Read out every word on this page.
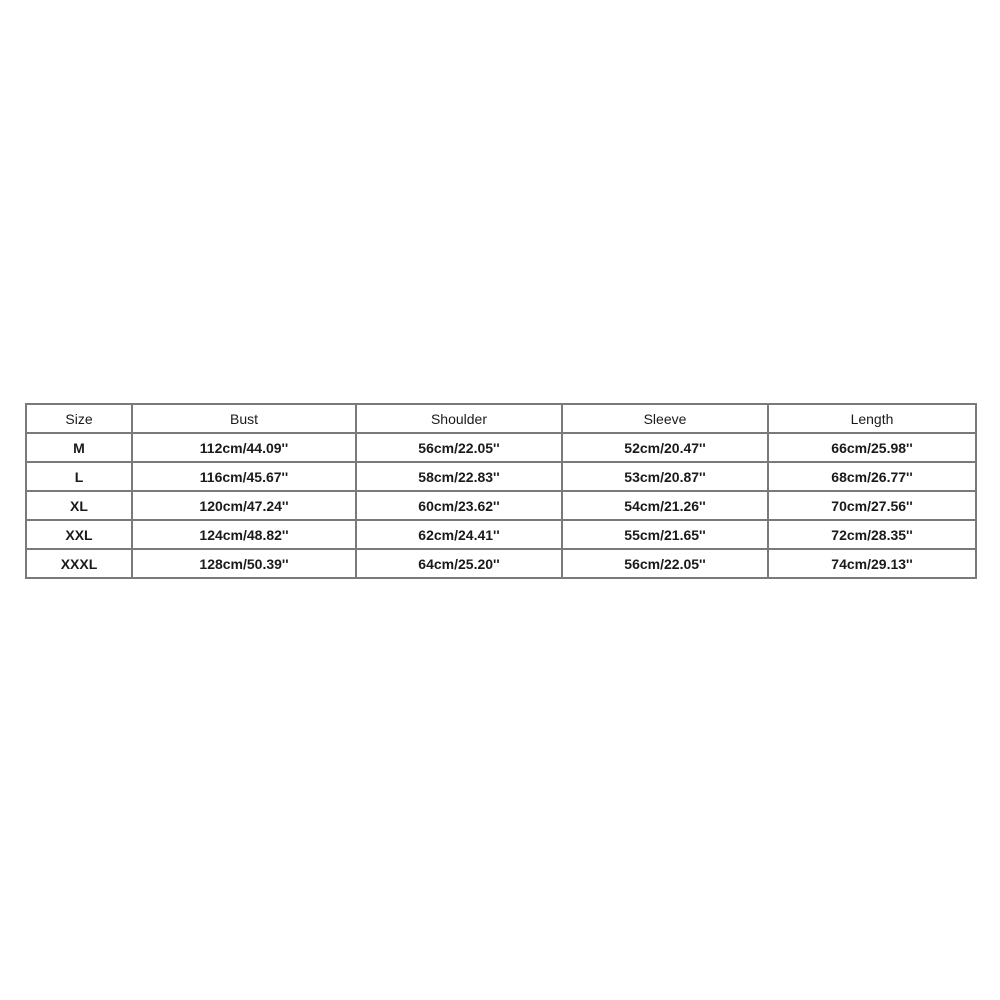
Size	Bust	Shoulder	Sleeve	Length
M	112cm/44.09''	56cm/22.05''	52cm/20.47''	66cm/25.98''
L	116cm/45.67''	58cm/22.83''	53cm/20.87''	68cm/26.77''
XL	120cm/47.24''	60cm/23.62''	54cm/21.26''	70cm/27.56''
XXL	124cm/48.82''	62cm/24.41''	55cm/21.65''	72cm/28.35''
XXXL	128cm/50.39''	64cm/25.20''	56cm/22.05''	74cm/29.13''
